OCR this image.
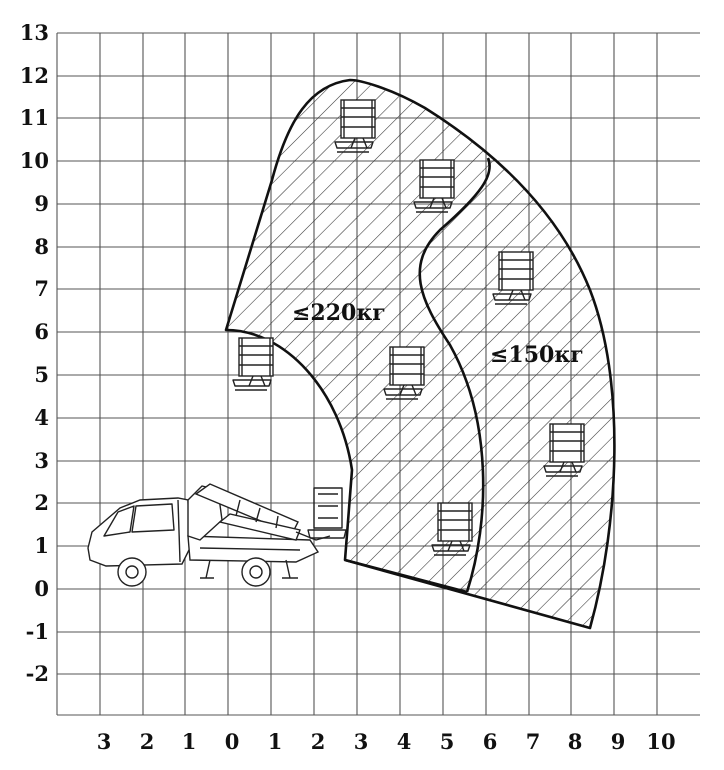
3 2 1 0 1 2 3 4 5 6 7 8 9 10
13
12
11
10
9
8
7
6
5
4
3
2
1
0
-1
-2
≤220кг
≤150кг
